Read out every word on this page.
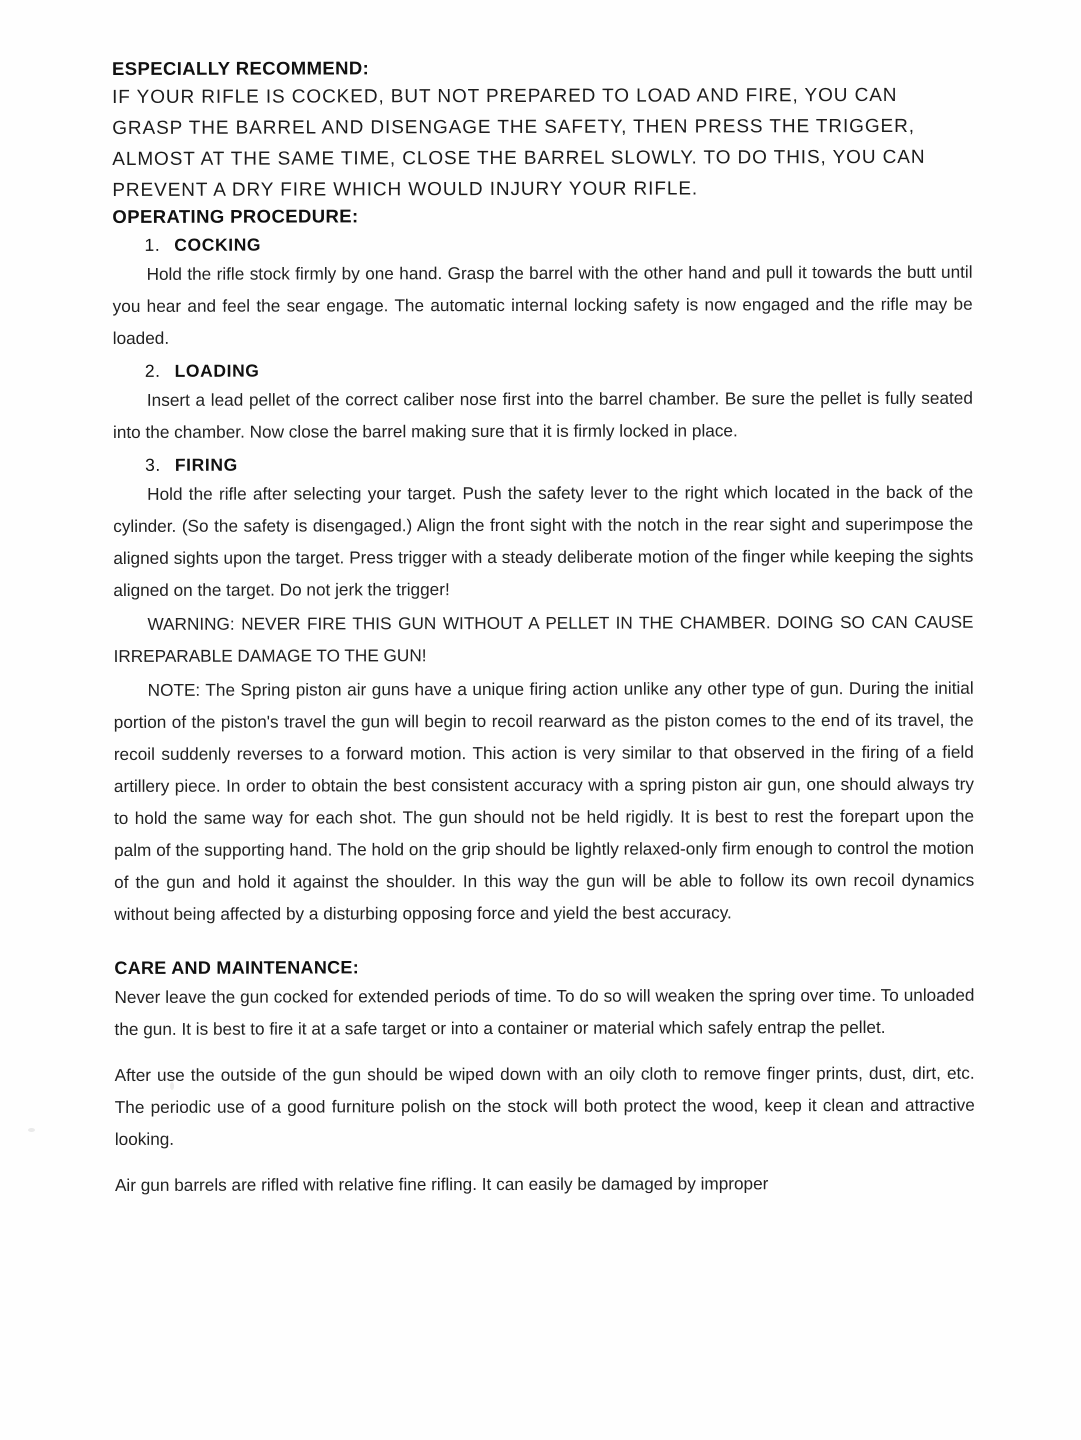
ESPECIALLY RECOMMEND:

IF YOUR RIFLE IS COCKED, BUT NOT PREPARED TO LOAD AND FIRE, YOU CAN GRASP THE BARREL AND DISENGAGE THE SAFETY, THEN PRESS THE TRIGGER, ALMOST AT THE SAME TIME, CLOSE THE BARREL SLOWLY. TO DO THIS, YOU CAN PREVENT A DRY FIRE WHICH WOULD INJURY YOUR RIFLE.

OPERATING PROCEDURE:
1. COCKING

Hold the rifle stock firmly by one hand. Grasp the barrel with the other hand and pull it towards the butt until you hear and feel the sear engage. The automatic internal locking safety is now engaged and the rifle may be loaded.

2. LOADING

Insert a lead pellet of the correct caliber nose first into the barrel chamber. Be sure the pellet is fully seated into the chamber. Now close the barrel making sure that it is firmly locked in place.

3. FIRING

Hold the rifle after selecting your target. Push the safety lever to the right which located in the back of the cylinder. (So the safety is disengaged.) Align the front sight with the notch in the rear sight and superimpose the aligned sights upon the target. Press trigger with a steady deliberate motion of the finger while keeping the sights aligned on the target. Do not jerk the trigger!

WARNING: NEVER FIRE THIS GUN WITHOUT A PELLET IN THE CHAMBER. DOING SO CAN CAUSE IRREPARABLE DAMAGE TO THE GUN!

NOTE: The Spring piston air guns have a unique firing action unlike any other type of gun. During the initial portion of the piston's travel the gun will begin to recoil rearward as the piston comes to the end of its travel, the recoil suddenly reverses to a forward motion. This action is very similar to that observed in the firing of a field artillery piece. In order to obtain the best consistent accuracy with a spring piston air gun, one should always try to hold the same way for each shot. The gun should not be held rigidly. It is best to rest the forepart upon the palm of the supporting hand. The hold on the grip should be lightly relaxed-only firm enough to control the motion of the gun and hold it against the shoulder. In this way the gun will be able to follow its own recoil dynamics without being affected by a disturbing opposing force and yield the best accuracy.

CARE AND MAINTENANCE:

Never leave the gun cocked for extended periods of time. To do so will weaken the spring over time. To unloaded the gun. It is best to fire it at a safe target or into a container or material which safely entrap the pellet.

After use the outside of the gun should be wiped down with an oily cloth to remove finger prints, dust, dirt, etc. The periodic use of a good furniture polish on the stock will both protect the wood, keep it clean and attractive looking.

Air gun barrels are rifled with relative fine rifling. It can easily be damaged by improper
